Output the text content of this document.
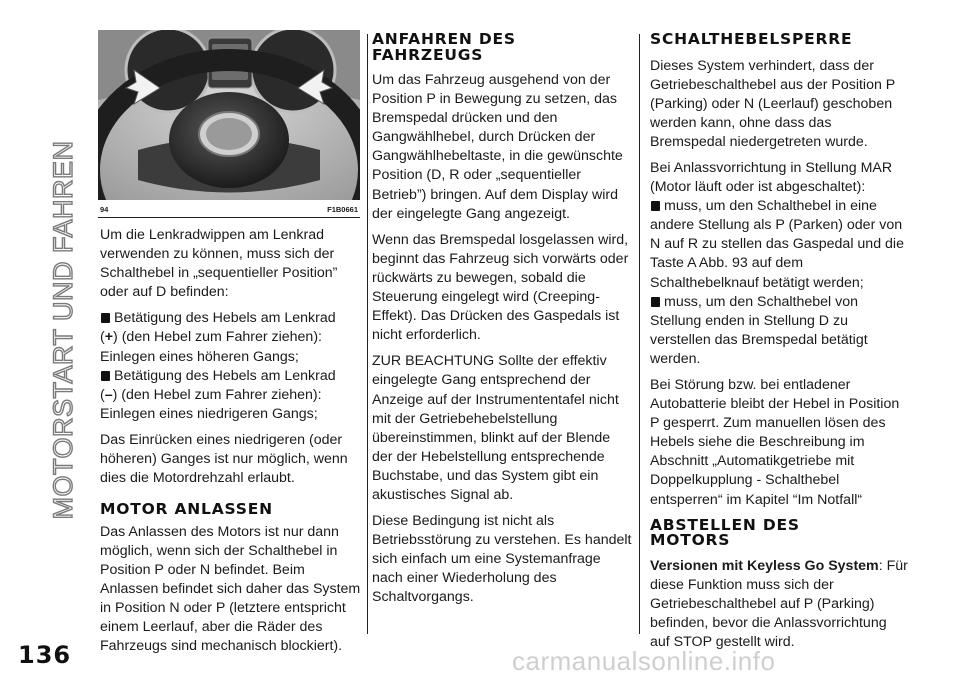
MOTORSTART UND FAHREN	94	F1B0661

Um die Lenkradwippen am Lenkrad verwenden zu können, muss sich der Schalthebel in „sequentieller Position” oder auf D befinden:

Betätigung des Hebels am Lenkrad
(+) (den Hebel zum Fahrer ziehen): Einlegen eines höheren Gangs;

Betätigung des Hebels am Lenkrad
(–) (den Hebel zum Fahrer ziehen): Einlegen eines niedrigeren Gangs;

Das Einrücken eines niedrigeren (oder höheren) Ganges ist nur möglich, wenn dies die Motordrehzahl erlaubt.

MOTOR ANLASSEN

Das Anlassen des Motors ist nur dann möglich, wenn sich der Schalthebel in Position P oder N befindet. Beim Anlassen befindet sich daher das System in Position N oder P (letztere entspricht einem Leerlauf, aber die Räder des Fahrzeugs sind mechanisch blockiert).

ANFAHREN DES
FAHRZEUGS

Um das Fahrzeug ausgehend von der Position P in Bewegung zu setzen, das Bremspedal drücken und den Gangwählhebel, durch Drücken der Gangwählhebeltaste, in die gewünschte Position (D, R oder „sequentieller Betrieb”) bringen. Auf dem Display wird der eingelegte Gang angezeigt.

Wenn das Bremspedal losgelassen wird, beginnt das Fahrzeug sich vorwärts oder rückwärts zu bewegen, sobald die Steuerung eingelegt wird (Creeping-Effekt). Das Drücken des Gaspedals ist nicht erforderlich.

ZUR BEACHTUNG Sollte der effektiv eingelegte Gang entsprechend der Anzeige auf der Instrumententafel nicht mit der Getriebehebelstellung übereinstimmen, blinkt auf der Blende der der Hebelstellung entsprechende Buchstabe, und das System gibt ein akustisches Signal ab.

Diese Bedingung ist nicht als Betriebsstörung zu verstehen. Es handelt sich einfach um eine Systemanfrage nach einer Wiederholung des Schaltvorgangs.

SCHALTHEBELSPERRE

Dieses System verhindert, dass der Getriebeschalthebel aus der Position P (Parking) oder N (Leerlauf) geschoben werden kann, ohne dass das Bremspedal niedergetreten wurde.

Bei Anlassvorrichtung in Stellung MAR (Motor läuft oder ist abgeschaltet):

muss, um den Schalthebel in eine andere Stellung als P (Parken) oder von N auf R zu stellen das Gaspedal und die Taste A Abb. 93 auf dem Schalthebelknauf betätigt werden;

muss, um den Schalthebel von Stellung enden in Stellung D zu verstellen das Bremspedal betätigt werden.

Bei Störung bzw. bei entladener Autobatterie bleibt der Hebel in Position P gesperrt. Zum manuellen lösen des Hebels siehe die Beschreibung im Abschnitt „Automatikgetriebe mit Doppelkupplung - Schalthebel entsperren“ im Kapitel “Im Notfall“

ABSTELLEN DES
MOTORS

Versionen mit Keyless Go System: Für diese Funktion muss sich der Getriebeschalthebel auf P (Parking) befinden, bevor die Anlassvorrichtung auf STOP gestellt wird.

136	carmanualsonline.info
